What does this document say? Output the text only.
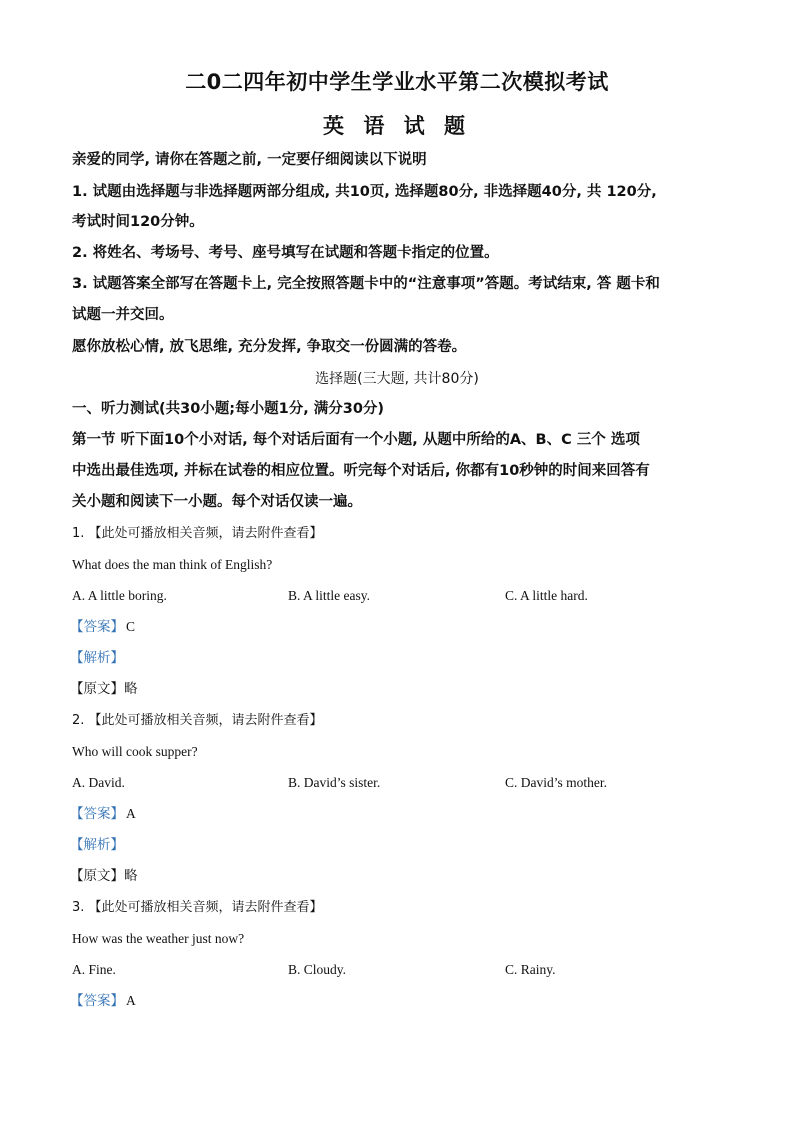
二0二四年初中学生学业水平第二次模拟考试
英 语 试 题
亲爱的同学, 请你在答题之前, 一定要仔细阅读以下说明
1. 试题由选择题与非选择题两部分组成, 共10页, 选择题80分, 非选择题40分, 共 120分,
考试时间120分钟。
2. 将姓名、考场号、考号、座号填写在试题和答题卡指定的位置。
3. 试题答案全部写在答题卡上, 完全按照答题卡中的“注意事项”答题。考试结束, 答 题卡和
试题一并交回。
愿你放松心情, 放飞思维, 充分发挥, 争取交一份圆满的答卷。
选择题(三大题, 共计80分)
一、听力测试(共30小题;每小题1分, 满分30分)
第一节 听下面10个小对话, 每个对话后面有一个小题, 从题中所给的A、B、C 三个 选项
中选出最佳选项, 并标在试卷的相应位置。听完每个对话后, 你都有10秒钟的时间来回答有
关小题和阅读下一小题。每个对话仅读一遍。
1. 【此处可播放相关音频，请去附件查看】
What does the man think of English?
A. A little boring.	B. A little easy.	C. A little hard.
【答案】 C
【解析】
【原文】略
2. 【此处可播放相关音频，请去附件查看】
Who will cook supper?
A. David.	B. David’s sister.	C. David’s mother.
【答案】 A
【解析】
【原文】略
3. 【此处可播放相关音频，请去附件查看】
How was the weather just now?
A. Fine.	B. Cloudy.	C. Rainy.
【答案】 A
